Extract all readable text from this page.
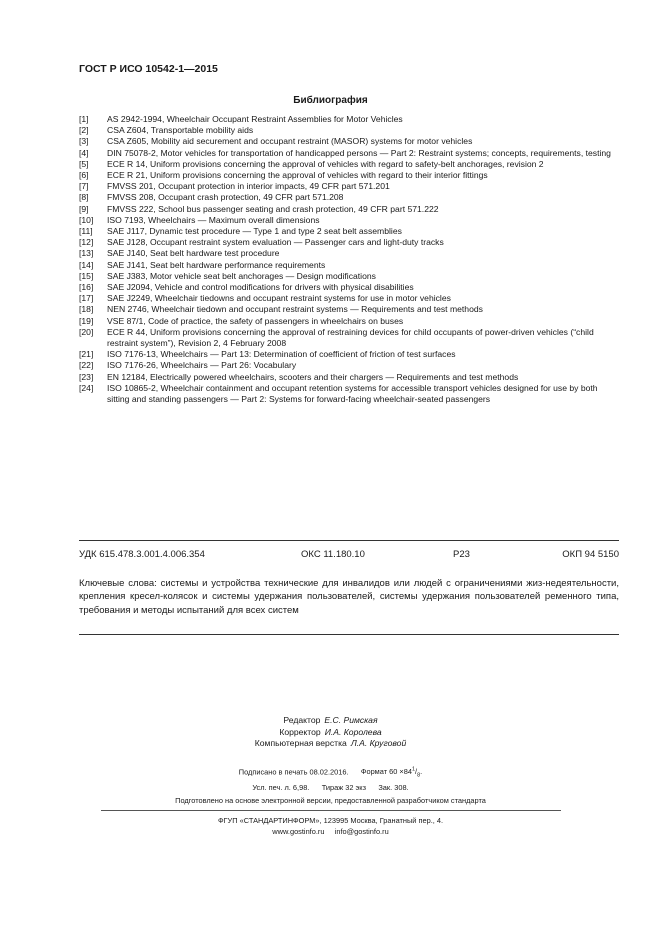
ГОСТ Р ИСО 10542-1—2015
Библиография
[1]	AS 2942-1994, Wheelchair Occupant Restraint Assemblies for Motor Vehicles
[2]	CSA Z604, Transportable mobility aids
[3]	CSA Z605, Mobility aid securement and occupant restraint (MASOR) systems for motor vehicles
[4]	DIN 75078-2, Motor vehicles for transportation of handicapped persons — Part 2: Restraint systems; concepts, requirements, testing
[5]	ECE R 14, Uniform provisions concerning the approval of vehicles with regard to safety-belt anchorages, revision 2
[6]	ECE R 21, Uniform provisions concerning the approval of vehicles with regard to their interior fittings
[7]	FMVSS 201, Occupant protection in interior impacts, 49 CFR part 571.201
[8]	FMVSS 208, Occupant crash protection, 49 CFR part 571.208
[9]	FMVSS 222, School bus passenger seating and crash protection, 49 CFR part 571.222
[10]	ISO 7193, Wheelchairs — Maximum overall dimensions
[11]	SAE J117, Dynamic test procedure — Type 1 and type 2 seat belt assemblies
[12]	SAE J128, Occupant restraint system evaluation — Passenger cars and light-duty tracks
[13]	SAE J140, Seat belt hardware test procedure
[14]	SAE J141, Seat belt hardware performance requirements
[15]	SAE J383, Motor vehicle seat belt anchorages — Design modifications
[16]	SAE J2094, Vehicle and control modifications for drivers with physical disabilities
[17]	SAE J2249, Wheelchair tiedowns and occupant restraint systems for use in motor vehicles
[18]	NEN 2746, Wheelchair tiedown and occupant restraint systems — Requirements and test methods
[19]	VSE 87/1, Code of practice, the safety of passengers in wheelchairs on buses
[20]	ECE R 44, Uniform provisions concerning the approval of restraining devices for child occupants of power-driven vehicles (“child restraint system”), Revision 2, 4 February 2008
[21]	ISO 7176-13, Wheelchairs — Part 13: Determination of coefficient of friction of test surfaces
[22]	ISO 7176-26, Wheelchairs — Part 26: Vocabulary
[23]	EN 12184, Electrically powered wheelchairs, scooters and their chargers — Requirements and test methods
[24]	ISO 10865-2, Wheelchair containment and occupant retention systems for accessible transport vehicles designed for use by both sitting and standing passengers — Part 2: Systems for forward-facing wheelchair-seated passengers
УДК 615.478.3.001.4.006.354	ОКС 11.180.10	Р23	ОКП 94 5150
Ключевые слова: системы и устройства технические для инвалидов или людей с ограничениями жиз-недеятельности, крепления кресел-колясок и системы удержания пользователей, системы удержания пользователей ременного типа, требования и методы испытаний для всех систем
Редактор Е.С. Римская
Корректор И.А. Королева
Компьютерная верстка Л.А. Круговой
Подписано в печать 08.02.2016. Формат $60 \times 84^1/_8$.
Усл. печ. л. 6,98. Тираж 32 экз Зак. 308.
Подготовлено на основе электронной версии, предоставленной разработчиком стандарта
ФГУП «СТАНДАРТИНФОРМ», 123995 Москва, Гранатный пер., 4.
www.gostinfo.ru info@gostinfo.ru
